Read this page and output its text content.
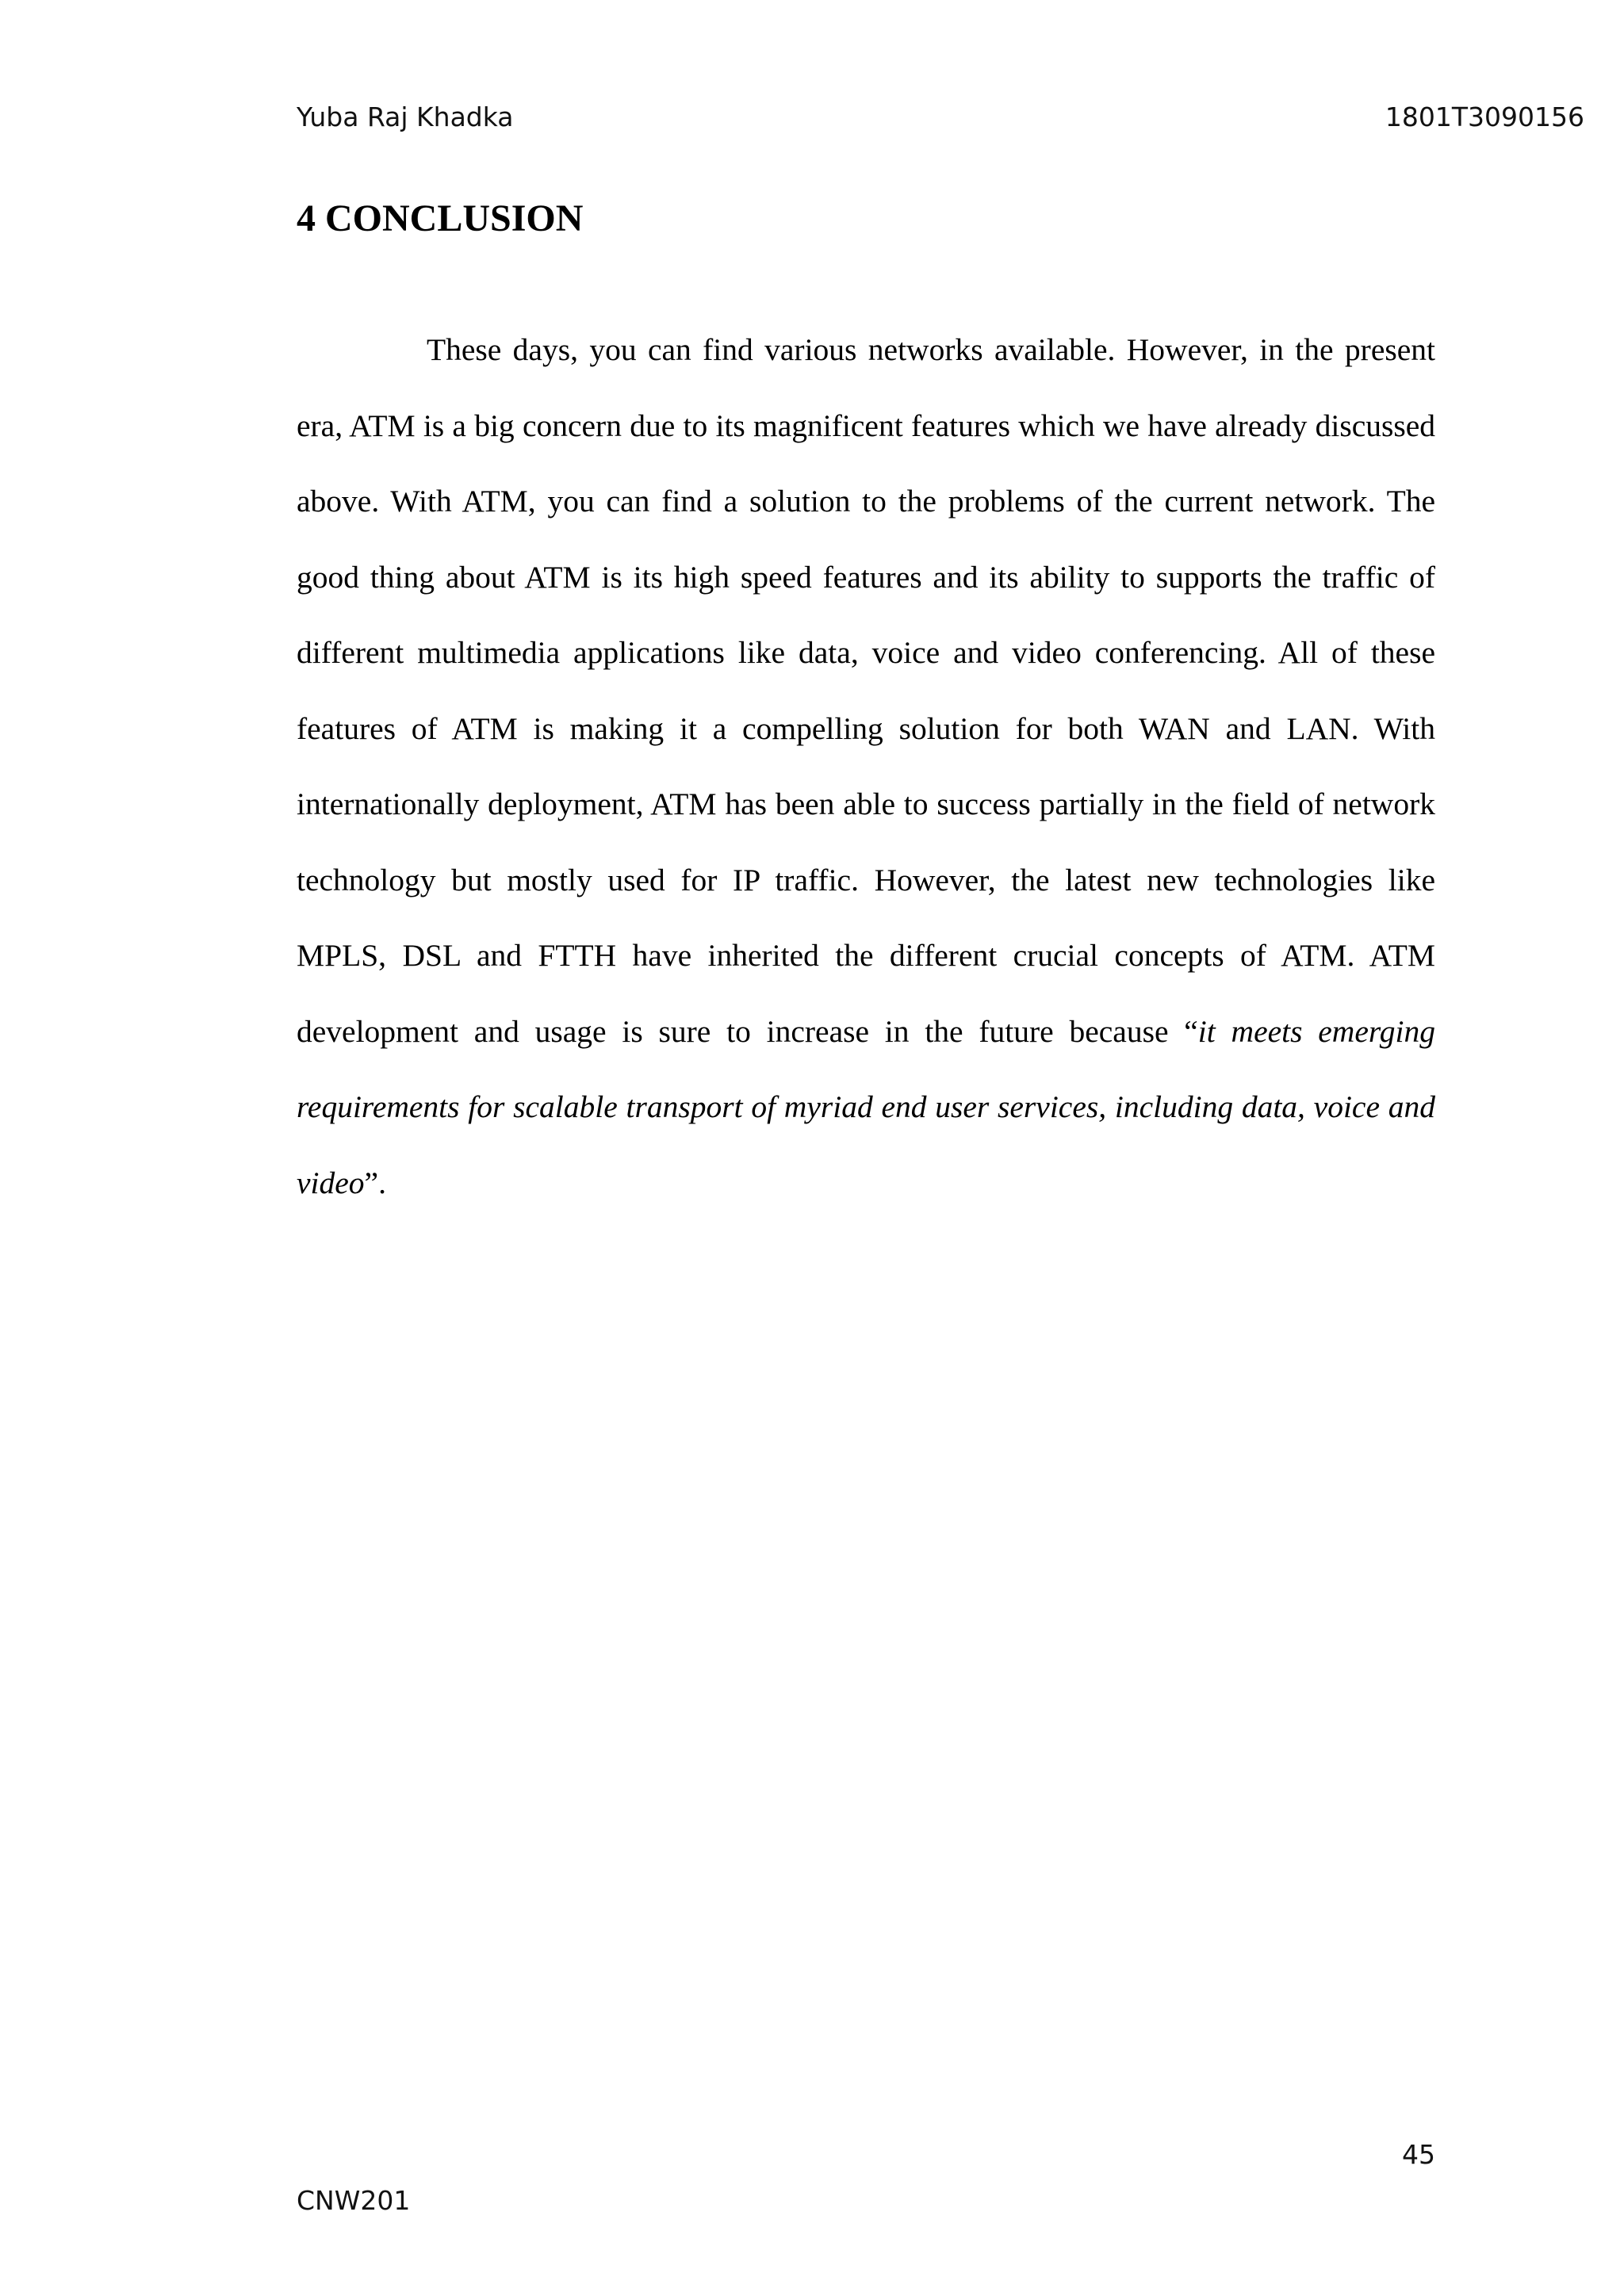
Yuba Raj Khadka	1801T3090156
4 CONCLUSION

These days, you can find various networks available. However, in the present era, ATM is a big concern due to its magnificent features which we have already discussed above. With ATM, you can find a solution to the problems of the current network. The good thing about ATM is its high speed features and its ability to supports the traffic of different multimedia applications like data, voice and video conferencing. All of these features of ATM is making it a compelling solution for both WAN and LAN. With internationally deployment, ATM has been able to success partially in the field of network technology but mostly used for IP traffic. However, the latest new technologies like MPLS, DSL and FTTH have inherited the different crucial concepts of ATM. ATM development and usage is sure to increase in the future because “it meets emerging requirements for scalable transport of myriad end user services, including data, voice and video”.

45
CNW201
